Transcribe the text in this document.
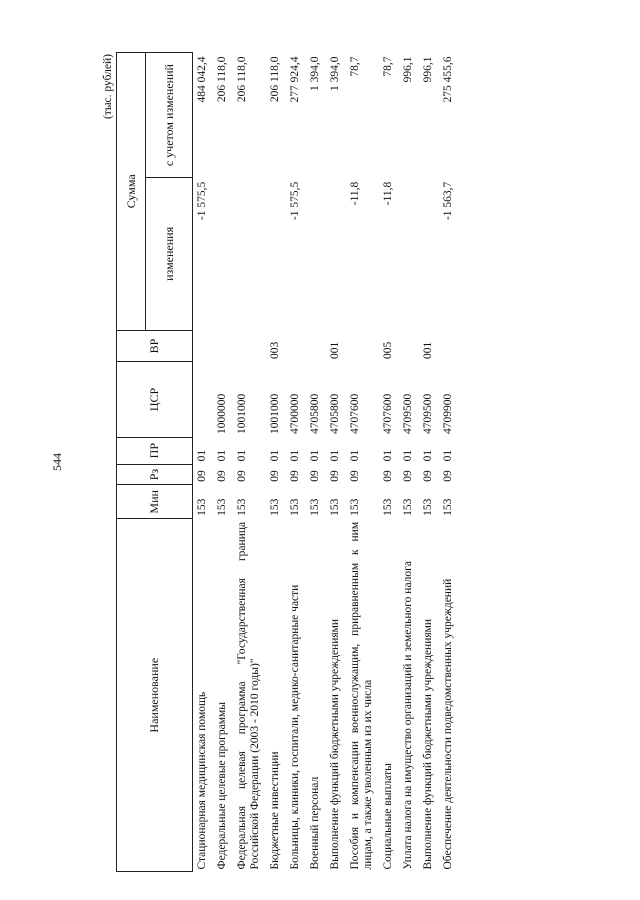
544
(тыс. рублей)
Наименование	Мин	Рз	ПР	ЦСР	ВР	Сумма	
						изменения	с учетом изменений
Стационарная медицинская помощь	153	09	01			-1 575,5	484 042,4
Федеральные целевые программы	153	09	01	1000000			206 118,0
Федеральная целевая программа "Государственная граница Российской Федерации (2003 - 2010 годы)"	153	09	01	1001000			206 118,0
Бюджетные инвестиции	153	09	01	1001000	003		206 118,0
Больницы, клиники, госпитали, медико-санитарные части	153	09	01	4700000		-1 575,5	277 924,4
Военный персонал	153	09	01	4705800			1 394,0
Выполнение функций бюджетными учреждениями	153	09	01	4705800	001		1 394,0
Пособия и компенсации военнослужащим, приравненным к ним лицам, а также уволенным из их числа	153	09	01	4707600		-11,8	78,7
Социальные выплаты	153	09	01	4707600	005	-11,8	78,7
Уплата налога на имущество организаций и земельного налога	153	09	01	4709500			996,1
Выполнение функций бюджетными учреждениями	153	09	01	4709500	001		996,1
Обеспечение деятельности подведомственных учреждений	153	09	01	4709900		-1 563,7	275 455,6
